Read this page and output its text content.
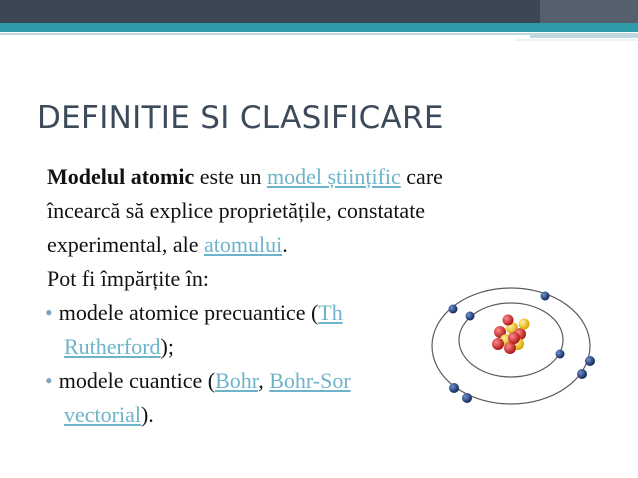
DEFINITIE SI CLASIFICARE
Modelul atomic este un model științific care
încearcă să explice proprietățile, constatate
experimental, ale atomului.
Pot fi împărțite în:
• modele atomice precuantice (Th
Rutherford);
• modele cuantice (Bohr, Bohr-Sor
vectorial).
